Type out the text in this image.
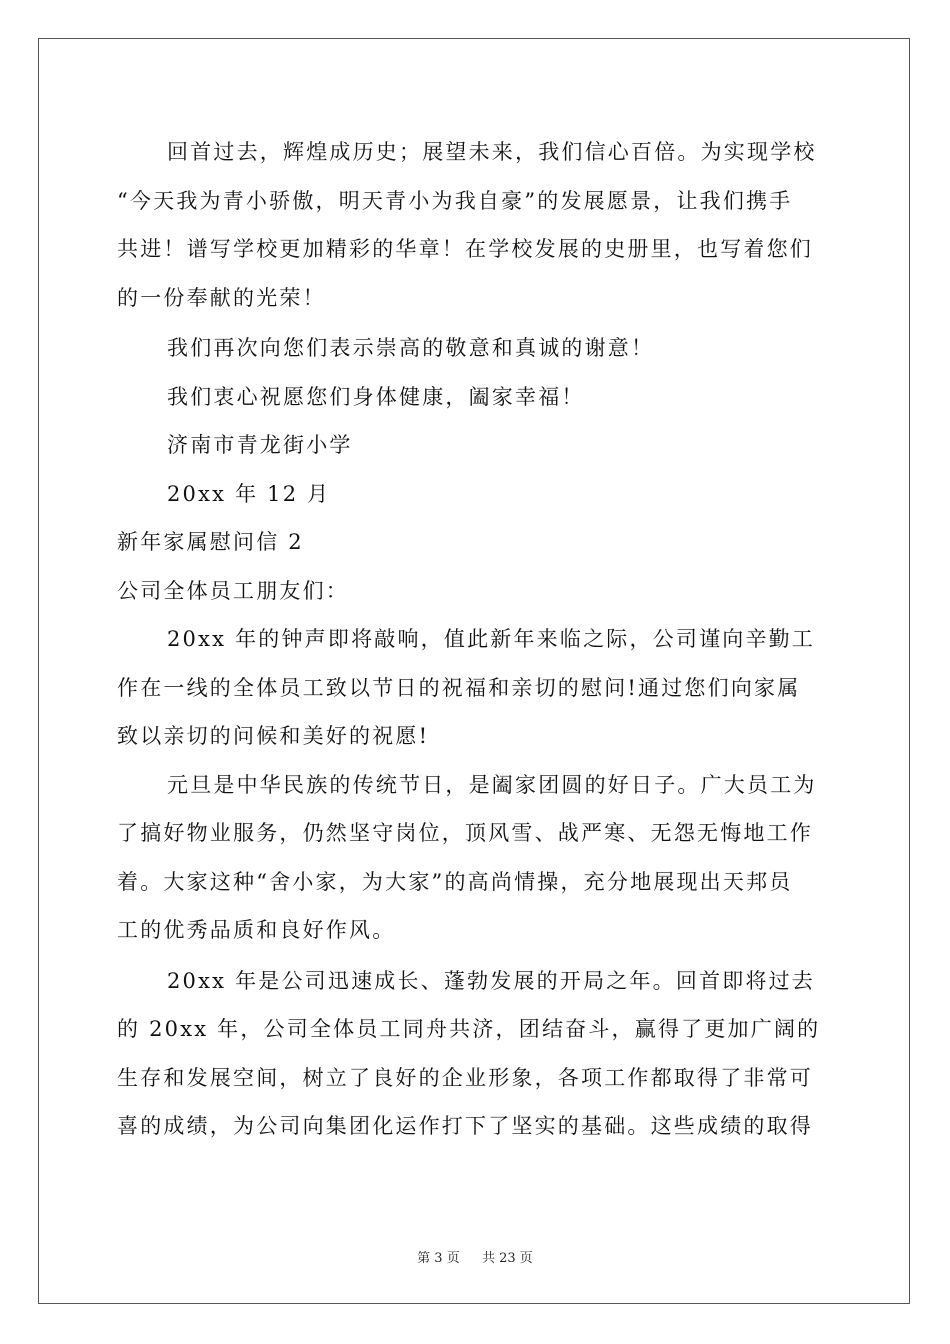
回首过去，辉煌成历史；展望未来，我们信心百倍。为实现学校
“今天我为青小骄傲，明天青小为我自豪”的发展愿景，让我们携手
共进！谱写学校更加精彩的华章！在学校发展的史册里，也写着您们
的一份奉献的光荣！
我们再次向您们表示崇高的敬意和真诚的谢意！
我们衷心祝愿您们身体健康，阖家幸福！
济南市青龙街小学
20xx 年 12 月
新年家属慰问信 2
公司全体员工朋友们：
20xx 年的钟声即将敲响，值此新年来临之际，公司谨向辛勤工
作在一线的全体员工致以节日的祝福和亲切的慰问!通过您们向家属
致以亲切的问候和美好的祝愿!
元旦是中华民族的传统节日，是阖家团圆的好日子。广大员工为
了搞好物业服务，仍然坚守岗位，顶风雪、战严寒、无怨无悔地工作
着。大家这种“舍小家，为大家”的高尚情操，充分地展现出天邦员
工的优秀品质和良好作风。
20xx 年是公司迅速成长、蓬勃发展的开局之年。回首即将过去
的 20xx 年，公司全体员工同舟共济，团结奋斗，赢得了更加广阔的
生存和发展空间，树立了良好的企业形象，各项工作都取得了非常可
喜的成绩，为公司向集团化运作打下了坚实的基础。这些成绩的取得
第 3 页 共 23 页
